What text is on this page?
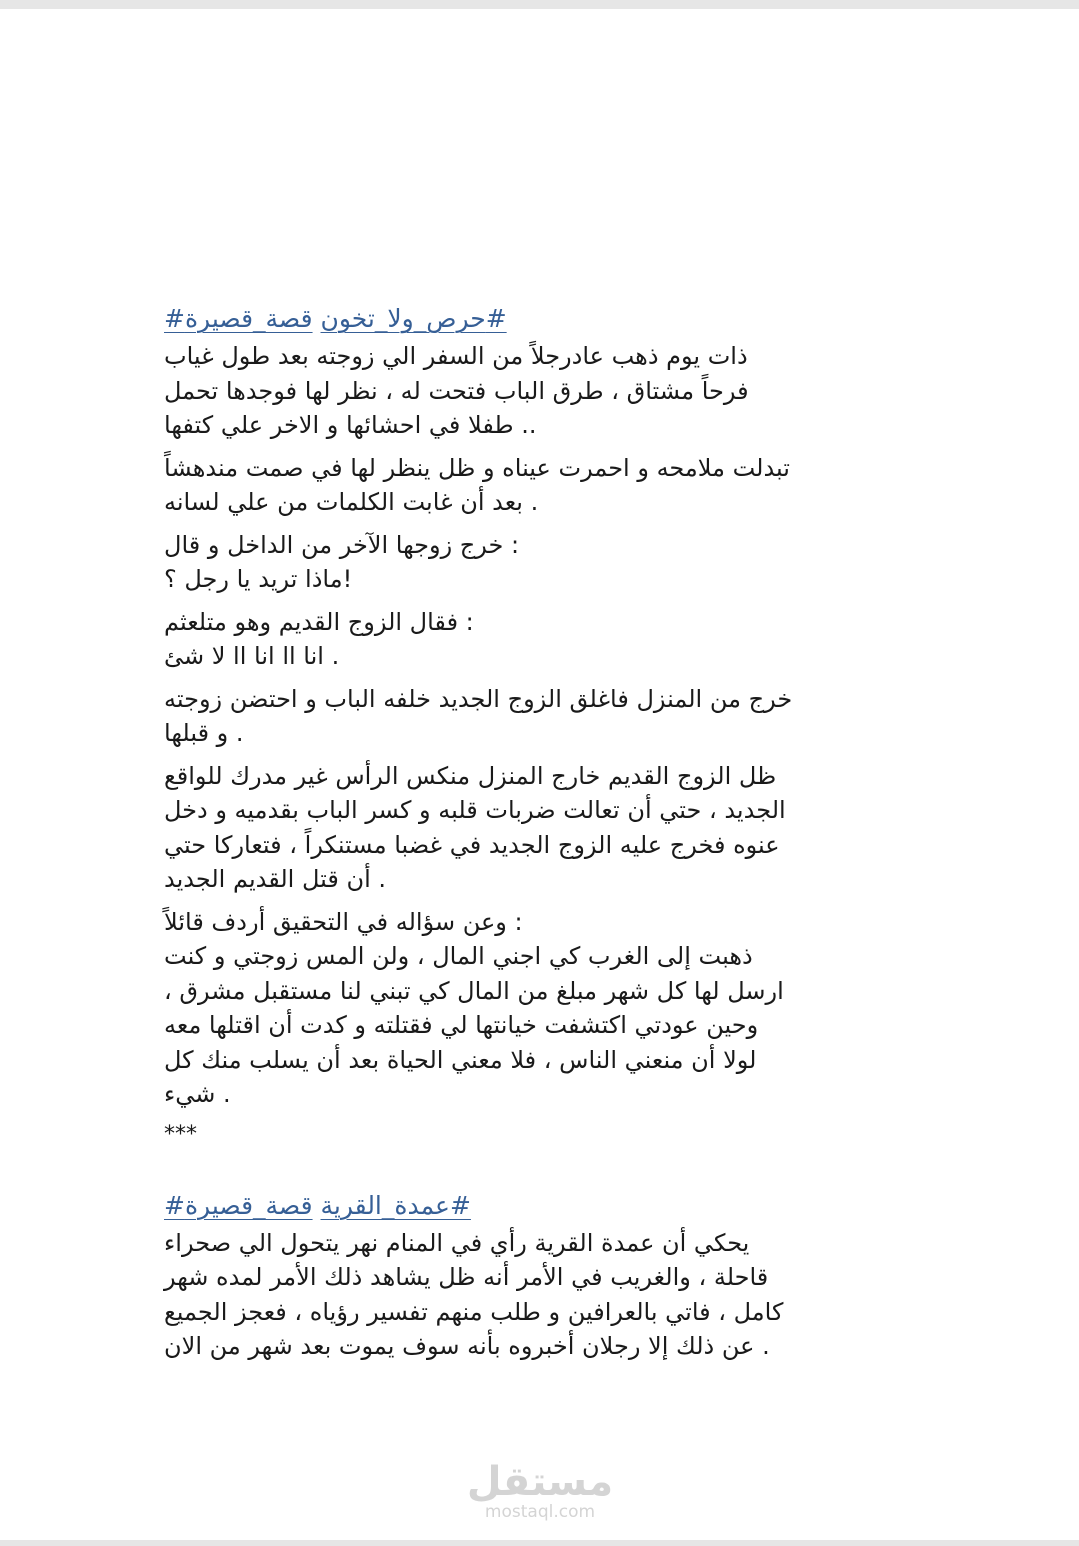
#حرص_ولا_تخون قصة_قصيرة#
ذات يوم ذهب عادرجلاً من السفر الي زوجته بعد طول غياب
فرحاً مشتاق ، طرق الباب فتحت له ، نظر لها فوجدها تحمل
.. طفلا في احشائها و الاخر علي كتفها
تبدلت ملامحه و احمرت عيناه و ظل ينظر لها في صمت مندهشاً
. بعد أن غابت الكلمات من علي لسانه
: خرج زوجها الآخر من الداخل و قال
!ماذا تريد يا رجل ؟
: فقال الزوج القديم وهو متلعثم
. انا اا انا اا لا شئ
خرج من المنزل فاغلق الزوج الجديد خلفه الباب و احتضن زوجته
. و قبلها
ظل الزوج القديم خارج المنزل منكس الرأس غير مدرك للواقع
الجديد ، حتي أن تعالت ضربات قلبه و كسر الباب بقدميه و دخل
عنوه فخرج عليه الزوج الجديد في غضبا مستنكراً ، فتعاركا حتي
. أن قتل القديم الجديد
: وعن سؤاله في التحقيق أردف قائلاً
ذهبت إلى الغرب كي اجني المال ، ولن المس زوجتي و كنت
ارسل لها كل شهر مبلغ من المال كي تبني لنا مستقبل مشرق ،
وحين عودتي اكتشفت خيانتها لي فقتلته و كدت أن اقتلها معه
لولا أن منعني الناس ، فلا معني الحياة بعد أن يسلب منك كل
. شيء
***
#عمدة_القرية قصة_قصيرة#
يحكي أن عمدة القرية رأي في المنام نهر يتحول الي صحراء
قاحلة ، والغريب في الأمر أنه ظل يشاهد ذلك الأمر لمده شهر
كامل ، فاتي بالعرافين و طلب منهم تفسير رؤياه ، فعجز الجميع
. عن ذلك إلا رجلان أخبروه بأنه سوف يموت بعد شهر من الان
مستقل
mostaql.com
